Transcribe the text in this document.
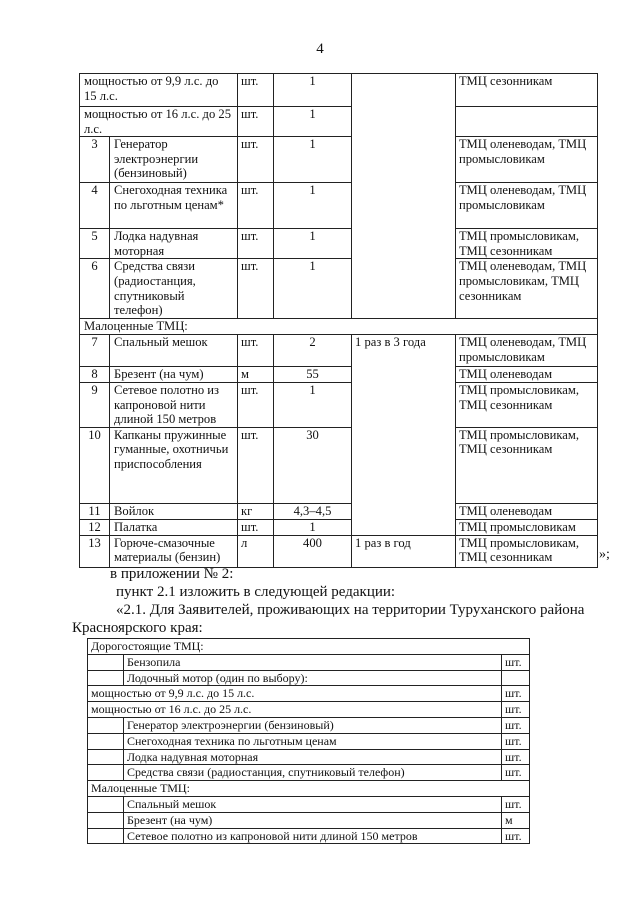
4
мощностью от 9,9 л.с. до 15 л.с.		шт.	1		ТМЦ сезонникам
мощностью от 16 л.с. до 25 л.с.		шт.	1		
3	Генератор электроэнергии (бензиновый)	шт.	1		ТМЦ оленеводам, ТМЦ промысловикам
4	Снегоходная техника по льготным ценам*	шт.	1		ТМЦ оленеводам, ТМЦ промысловикам
5	Лодка надувная моторная	шт.	1		ТМЦ промысловикам, ТМЦ сезонникам
6	Средства связи (радиостанция, спутниковый телефон)	шт.	1		ТМЦ оленеводам, ТМЦ промысловикам, ТМЦ сезонникам
Малоценные ТМЦ:					
7	Спальный мешок	шт.	2	1 раз в 3 года	ТМЦ оленеводам, ТМЦ промысловикам
8	Брезент (на чум)	м	55		ТМЦ оленеводам
9	Сетевое полотно из капроновой нити длиной 150 метров	шт.	1		ТМЦ промысловикам, ТМЦ сезонникам
10	Капканы пружинные гуманные, охотничьи приспособления	шт.	30		ТМЦ промысловикам, ТМЦ сезонникам
11	Войлок	кг	4,3–4,5		ТМЦ оленеводам
12	Палатка	шт.	1		ТМЦ промысловикам
13	Горюче-смазочные материалы (бензин)	л	400	1 раз в год	ТМЦ промысловикам, ТМЦ сезонникам	»;
в приложении № 2:
пункт 2.1 изложить в следующей редакции:
«2.1. Для Заявителей, проживающих на территории Туруханского района
Красноярского края:
Дорогостоящие ТМЦ:		
	Бензопила	шт.
	Лодочный мотор (один по выбору):	
мощностью от 9,9 л.с. до 15 л.с.		шт.
мощностью от 16 л.с. до 25 л.с.		шт.
	Генератор электроэнергии (бензиновый)	шт.
	Снегоходная техника по льготным ценам	шт.
	Лодка надувная моторная	шт.
	Средства связи (радиостанция, спутниковый телефон)	шт.
Малоценные ТМЦ:		
	Спальный мешок	шт.
	Брезент (на чум)	м
	Сетевое полотно из капроновой нити длиной 150 метров	шт.
